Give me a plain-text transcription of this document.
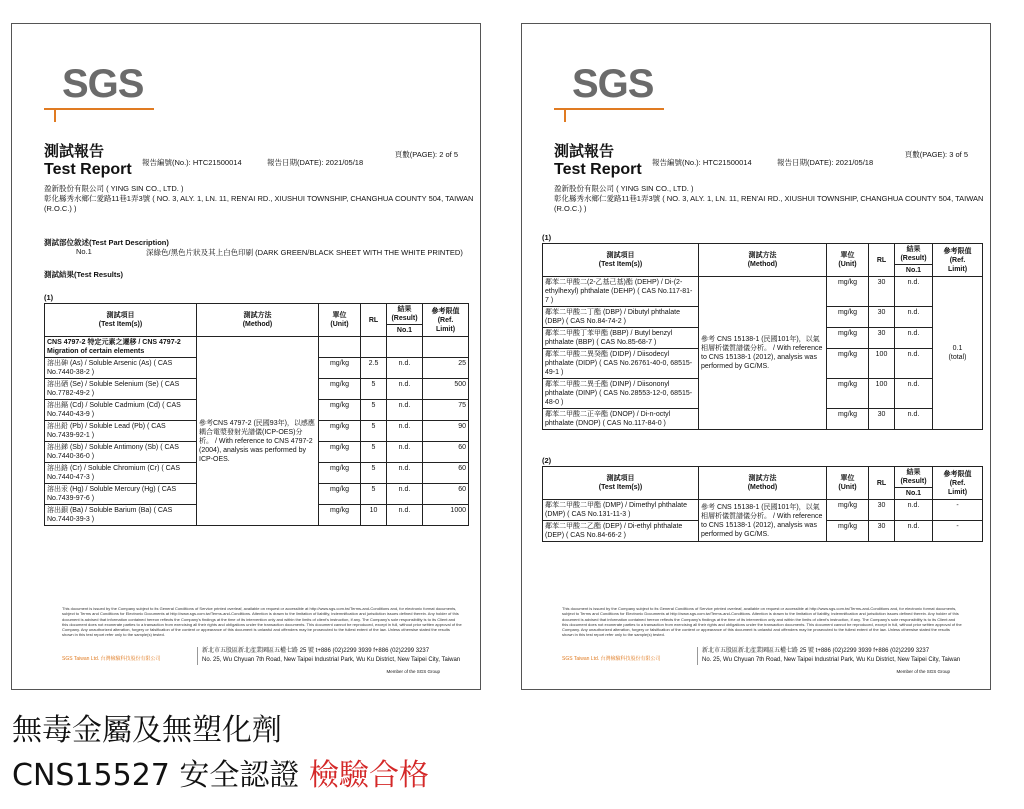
SGS
測試報告
Test Report 報告編號(No.): HTC21500014	報告日期(DATE): 2021/05/18
頁數(PAGE): 2 of 5
盈新股份有限公司 ( YING SIN CO., LTD. )
彰化縣秀水鄉仁愛路11巷1弄3號 ( NO. 3, ALY. 1, LN. 11, REN'AI RD., XIUSHUI TOWNSHIP, CHANGHUA COUNTY 504, TAIWAN (R.O.C.) )
測試部位敘述(Test Part Description)
No.1	深綠色/黑色片狀及其上白色印刷 (DARK GREEN/BLACK SHEET WITH THE WHITE PRINTED)
測試結果(Test Results)
(1)
測試項目
(Test Item(s))	測試方法
(Method)	單位
(Unit)	RL	結果
(Result)	參考限值
(Ref.
Limit)
				No.1	
CNS 4797-2 特定元素之遷移 / CNS 4797-2 Migration of certain elements					
溶出砷 (As) / Soluble Arsenic (As) ( CAS No.7440-38-2 )	參考CNS 4797-2 (民國93年)，以感應耦合電漿發射光譜儀(ICP-OES)分析。 / With reference to CNS 4797-2 (2004), analysis was performed by ICP-OES.	mg/kg	2.5	n.d.	25
溶出硒 (Se) / Soluble Selenium (Se) ( CAS No.7782-49-2 )		mg/kg	5	n.d.	500
溶出鎘 (Cd) / Soluble Cadmium (Cd) ( CAS No.7440-43-9 )		mg/kg	5	n.d.	75
溶出鉛 (Pb) / Soluble Lead (Pb) ( CAS No.7439-92-1 )		mg/kg	5	n.d.	90
溶出銻 (Sb) / Soluble Antimony (Sb) ( CAS No.7440-36-0 )		mg/kg	5	n.d.	60
溶出鉻 (Cr) / Soluble Chromium (Cr) ( CAS No.7440-47-3 )		mg/kg	5	n.d.	60
溶出汞 (Hg) / Soluble Mercury (Hg) ( CAS No.7439-97-6 )		mg/kg	5	n.d.	60
溶出鋇 (Ba) / Soluble Barium (Ba) ( CAS No.7440-39-3 )		mg/kg	10	n.d.	1000
This document is issued by the Company subject to its General Conditions of Service printed overleaf, available on request or accessible at http://www.sgs.com.tw/Terms-and-Conditions and, for electronic format documents, subject to Terms and Conditions for Electronic Documents at http://www.sgs.com.tw/Terms-and-Conditions. Attention is drawn to the limitation of liability, indemnification and jurisdiction issues defined therein. Any holder of this document is advised that information contained hereon reflects the Company's findings at the time of its intervention only and within the limits of client's instruction, if any. The Company's sole responsibility is to its Client and this document does not exonerate parties to a transaction from exercising all their rights and obligations under the transaction documents. This document cannot be reproduced, except in full, without prior written approval of the Company. Any unauthorized alteration, forgery or falsification of the content or appearance of this document is unlawful and offenders may be prosecuted to the fullest extent of the law. Unless otherwise stated the results shown in this test report refer only to the sample(s) tested.
SGS Taiwan Ltd. 台灣檢驗科技股份有限公司
新北市五股區新北產業園區五權七路 25 號 t+886 (02)2299 3939 f+886 (02)2299 3237
No. 25, Wu Chyuan 7th Road, New Taipei Industrial Park, Wu Ku District, New Taipei City, Taiwan
Member of the SGS Group
SGS
測試報告
Test Report 報告編號(No.): HTC21500014	報告日期(DATE): 2021/05/18
頁數(PAGE): 3 of 5
盈新股份有限公司 ( YING SIN CO., LTD. )
彰化縣秀水鄉仁愛路11巷1弄3號 ( NO. 3, ALY. 1, LN. 11, REN'AI RD., XIUSHUI TOWNSHIP, CHANGHUA COUNTY 504, TAIWAN (R.O.C.) )
(1)
測試項目
(Test Item(s))	測試方法
(Method)	單位
(Unit)	RL	結果
(Result)	參考限值
(Ref.
Limit)
				No.1	
鄰苯二甲酸二(2-乙基己基)酯 (DEHP) / Di-(2-ethylhexyl) phthalate (DEHP) ( CAS No.117-81-7 )	參考 CNS 15138-1 (民國101年)，以氣相層析儀質譜儀分析。 / With reference to CNS 15138-1 (2012), analysis was performed by GC/MS.	mg/kg	30	n.d.	0.1
(total)
鄰苯二甲酸二丁酯 (DBP) / Dibutyl phthalate (DBP) ( CAS No.84-74-2 )		mg/kg	30	n.d.	
鄰苯二甲酸丁苯甲酯 (BBP) / Butyl benzyl phthalate (BBP) ( CAS No.85-68-7 )		mg/kg	30	n.d.	
鄰苯二甲酸二異癸酯 (DIDP) / Diisodecyl phthalate (DIDP) ( CAS No.26761-40-0, 68515-49-1 )		mg/kg	100	n.d.	
鄰苯二甲酸二異壬酯 (DINP) / Diisononyl phthalate (DINP) ( CAS No.28553-12-0, 68515-48-0 )		mg/kg	100	n.d.	
鄰苯二甲酸二正辛酯 (DNOP) / Di-n-octyl phthalate (DNOP) ( CAS No.117-84-0 )		mg/kg	30	n.d.	
(2)
測試項目
(Test Item(s))	測試方法
(Method)	單位
(Unit)	RL	結果
(Result)	參考限值
(Ref.
Limit)
				No.1	
鄰苯二甲酸二甲酯 (DMP) / Dimethyl phthalate (DMP) ( CAS No.131-11-3 )	參考 CNS 15138-1 (民國101年)，以氣相層析儀質譜儀分析。 / With reference to CNS 15138-1 (2012), analysis was performed by GC/MS.	mg/kg	30	n.d.	-
鄰苯二甲酸二乙酯 (DEP) / Di-ethyl phthalate (DEP) ( CAS No.84-66-2 )		mg/kg	30	n.d.	-
This document is issued by the Company subject to its General Conditions of Service printed overleaf, available on request or accessible at http://www.sgs.com.tw/Terms-and-Conditions and, for electronic format documents, subject to Terms and Conditions for Electronic Documents at http://www.sgs.com.tw/Terms-and-Conditions. Attention is drawn to the limitation of liability, indemnification and jurisdiction issues defined therein. Any holder of this document is advised that information contained hereon reflects the Company's findings at the time of its intervention only and within the limits of client's instruction, if any. The Company's sole responsibility is to its Client and this document does not exonerate parties to a transaction from exercising all their rights and obligations under the transaction documents. This document cannot be reproduced, except in full, without prior written approval of the Company. Any unauthorized alteration, forgery or falsification of the content or appearance of this document is unlawful and offenders may be prosecuted to the fullest extent of the law. Unless otherwise stated the results shown in this test report refer only to the sample(s) tested.
SGS Taiwan Ltd. 台灣檢驗科技股份有限公司
新北市五股區新北產業園區五權七路 25 號 t+886 (02)2299 3939 f+886 (02)2299 3237
No. 25, Wu Chyuan 7th Road, New Taipei Industrial Park, Wu Ku District, New Taipei City, Taiwan
Member of the SGS Group
無毒金屬及無塑化劑
CNS15527 安全認證 檢驗合格
